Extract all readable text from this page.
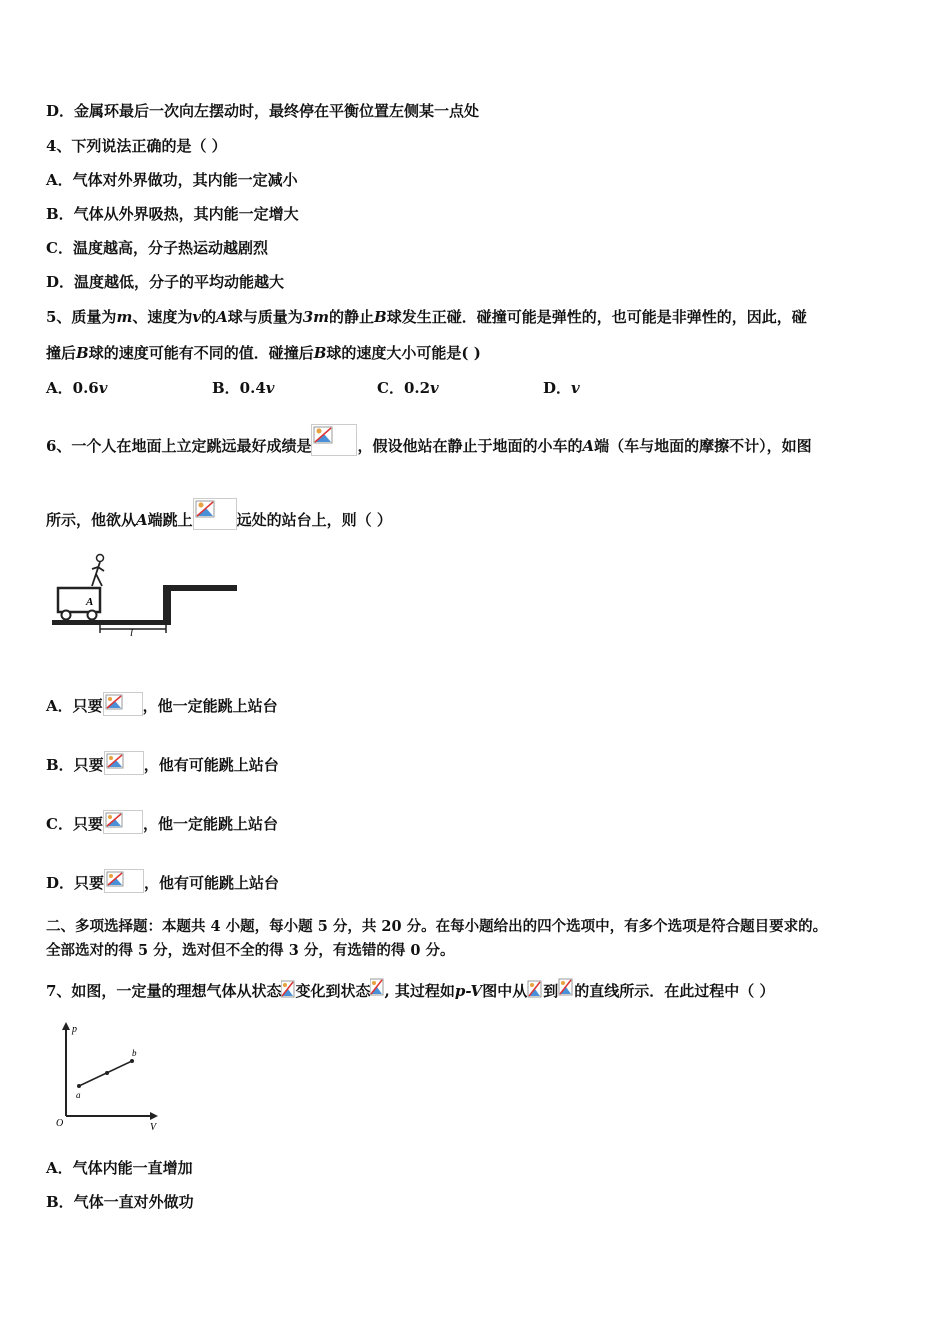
D．金属环最后一次向左摆动时，最终停在平衡位置左侧某一点处
4、下列说法正确的是（ ）
A．气体对外界做功，其内能一定减小
B．气体从外界吸热，其内能一定增大
C．温度越高，分子热运动越剧烈
D．温度越低，分子的平均动能越大
5、质量为m、速度为v的A球与质量为3m的静止B球发生正碰．碰撞可能是弹性的，也可能是非弹性的，因此，碰
撞后B球的速度可能有不同的值．碰撞后B球的速度大小可能是( )
A．0.6v	B．0.4v	C．0.2v	D．v
6、一个人在地面上立定跳远最好成绩是	，假设他站在静止于地面的小车的A端（车与地面的摩擦不计），如图
所示，他欲从A端跳上	远处的站台上，则（ ）
A
l
A．只要	，他一定能跳上站台
B．只要	，他有可能跳上站台
C．只要	，他一定能跳上站台
D．只要	，他有可能跳上站台
二、多项选择题：本题共 4 小题，每小题 5 分，共 20 分。在每小题给出的四个选项中，有多个选项是符合题目要求的。
全部选对的得 5 分，选对但不全的得 3 分，有选错的得 0 分。
7、如图，一定量的理想气体从状态 变化到状态 , 其过程如p-V图中从 到 的直线所示．在此过程中（ ）
p
V
O
a
b
A．气体内能一直增加
B．气体一直对外做功
